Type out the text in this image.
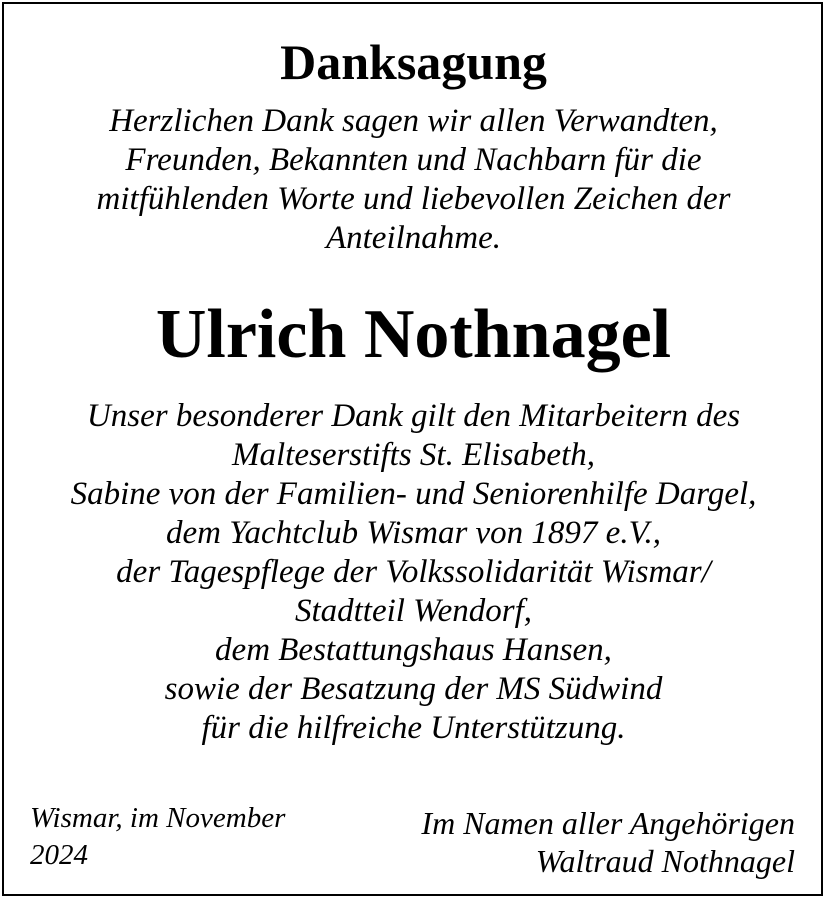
Danksagung
Herzlichen Dank sagen wir allen Verwandten,
Freunden, Bekannten und Nachbarn für die
mitfühlenden Worte und liebevollen Zeichen der
Anteilnahme.
Ulrich Nothnagel
Unser besonderer Dank gilt den Mitarbeitern des
Malteserstifts St. Elisabeth,
Sabine von der Familien- und Seniorenhilfe Dargel,
dem Yachtclub Wismar von 1897 e.V.,
der Tagespflege der Volkssolidarität Wismar/
Stadtteil Wendorf,
dem Bestattungshaus Hansen,
sowie der Besatzung der MS Südwind
für die hilfreiche Unterstützung.
Wismar, im November
2024
Im Namen aller Angehörigen
Waltraud Nothnagel
